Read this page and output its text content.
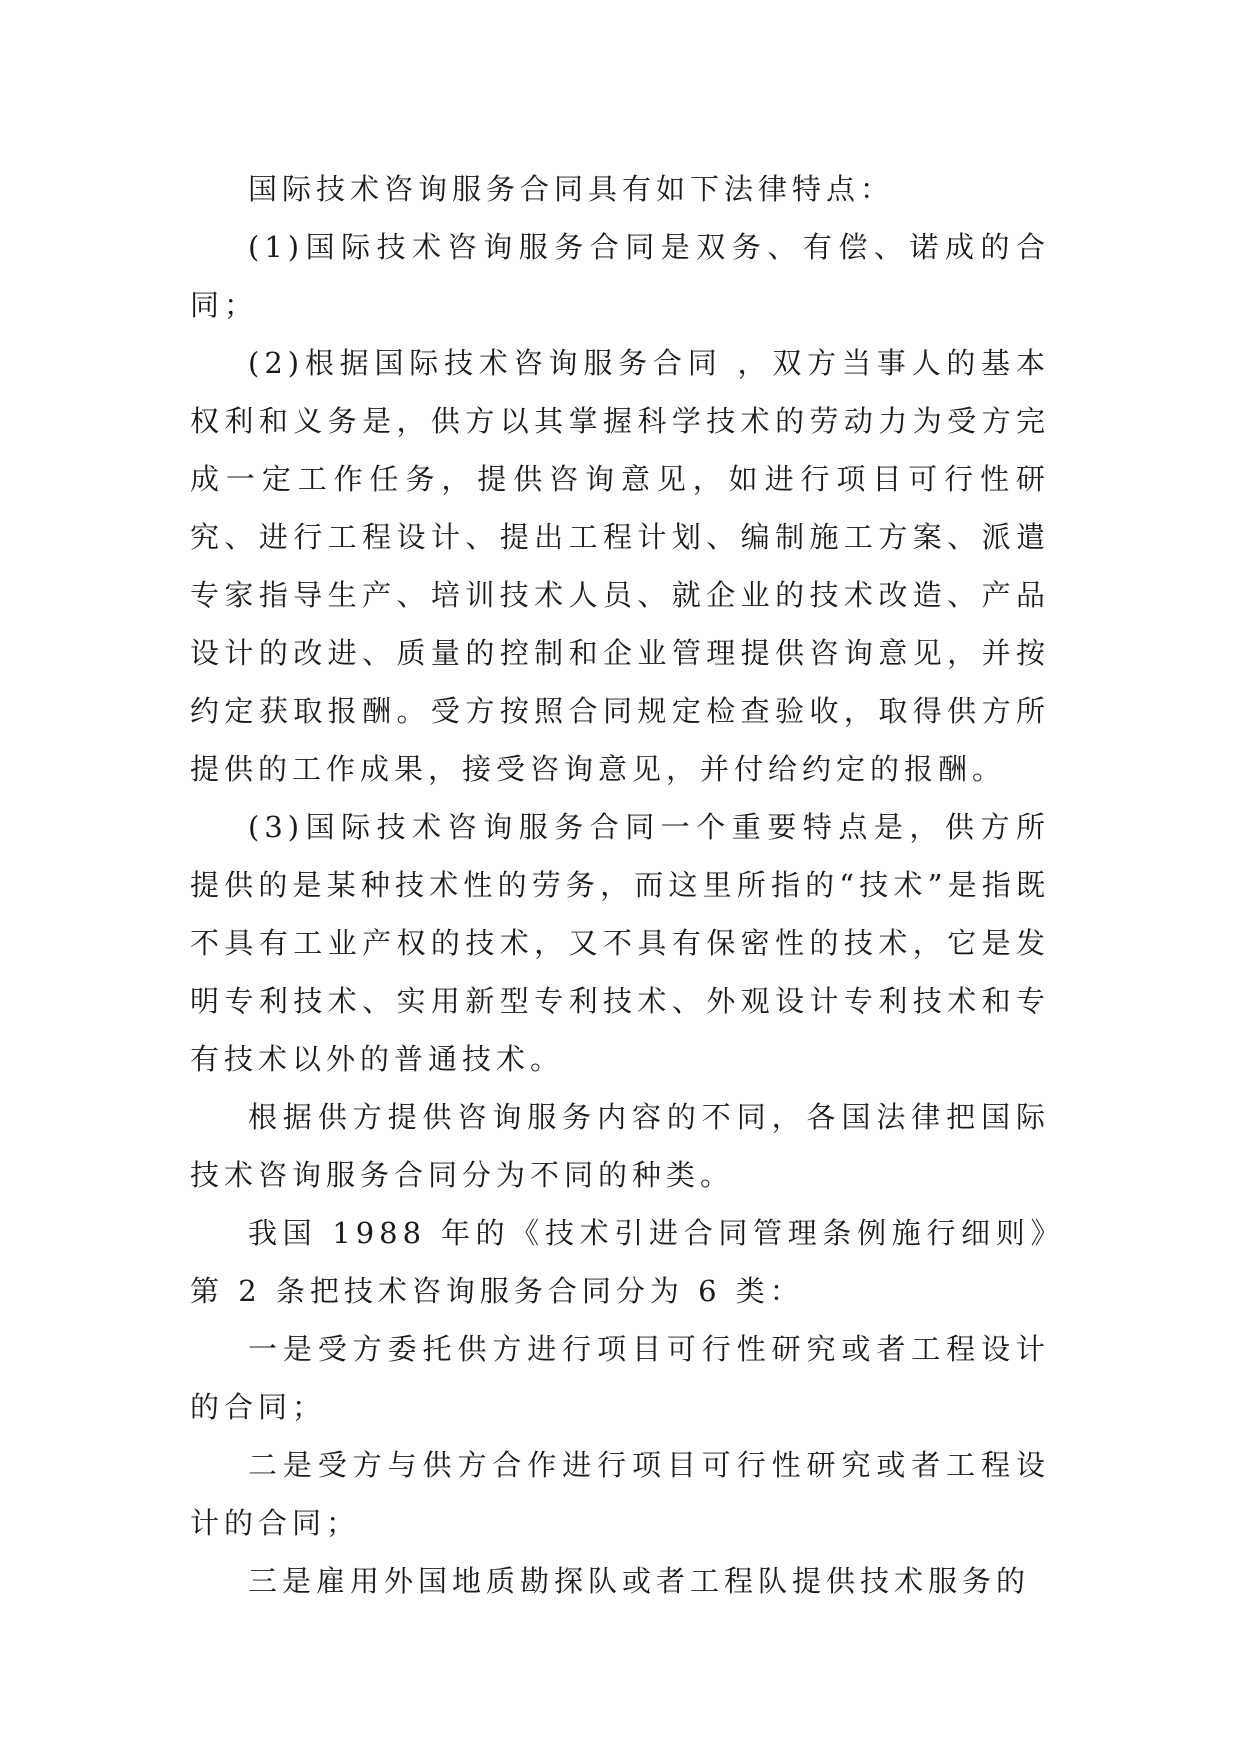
国际技术咨询服务合同具有如下法律特点：

(1)国际技术咨询服务合同是双务、有偿、诺成的合同；

(2)根据国际技术咨询服务合同 ，双方当事人的基本权利和义务是，供方以其掌握科学技术的劳动力为受方完成一定工作任务，提供咨询意见，如进行项目可行性研究、进行工程设计、提出工程计划、编制施工方案、派遣专家指导生产、培训技术人员、就企业的技术改造、产品设计的改进、质量的控制和企业管理提供咨询意见，并按约定获取报酬。受方按照合同规定检查验收，取得供方所提供的工作成果，接受咨询意见，并付给约定的报酬。

(3)国际技术咨询服务合同一个重要特点是，供方所提供的是某种技术性的劳务，而这里所指的“技术”是指既不具有工业产权的技术，又不具有保密性的技术，它是发明专利技术、实用新型专利技术、外观设计专利技术和专有技术以外的普通技术。

根据供方提供咨询服务内容的不同，各国法律把国际技术咨询服务合同分为不同的种类。

我国 1988 年的《技术引进合同管理条例施行细则》第 2 条把技术咨询服务合同分为 6 类：

一是受方委托供方进行项目可行性研究或者工程设计的合同；

二是受方与供方合作进行项目可行性研究或者工程设计的合同；

三是雇用外国地质勘探队或者工程队提供技术服务的
